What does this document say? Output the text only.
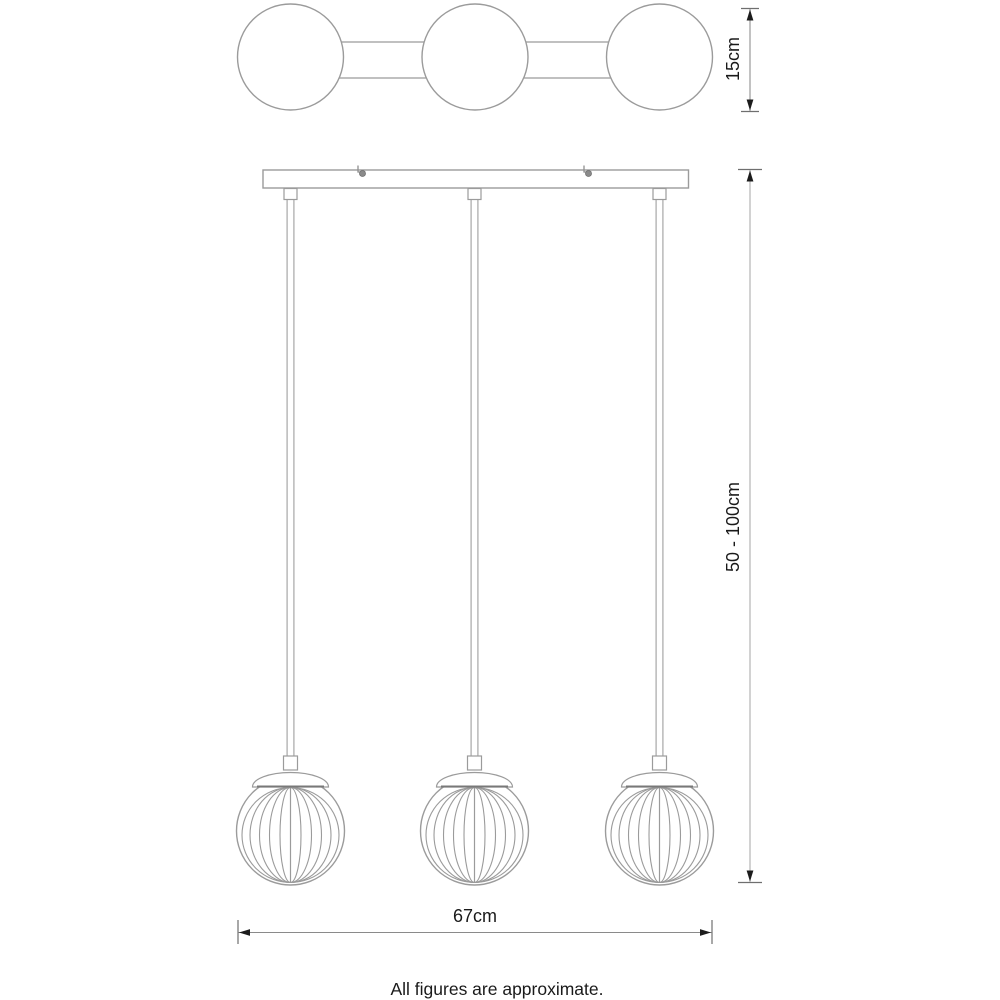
15cm
50 - 100cm
67cm
All figures are approximate.
